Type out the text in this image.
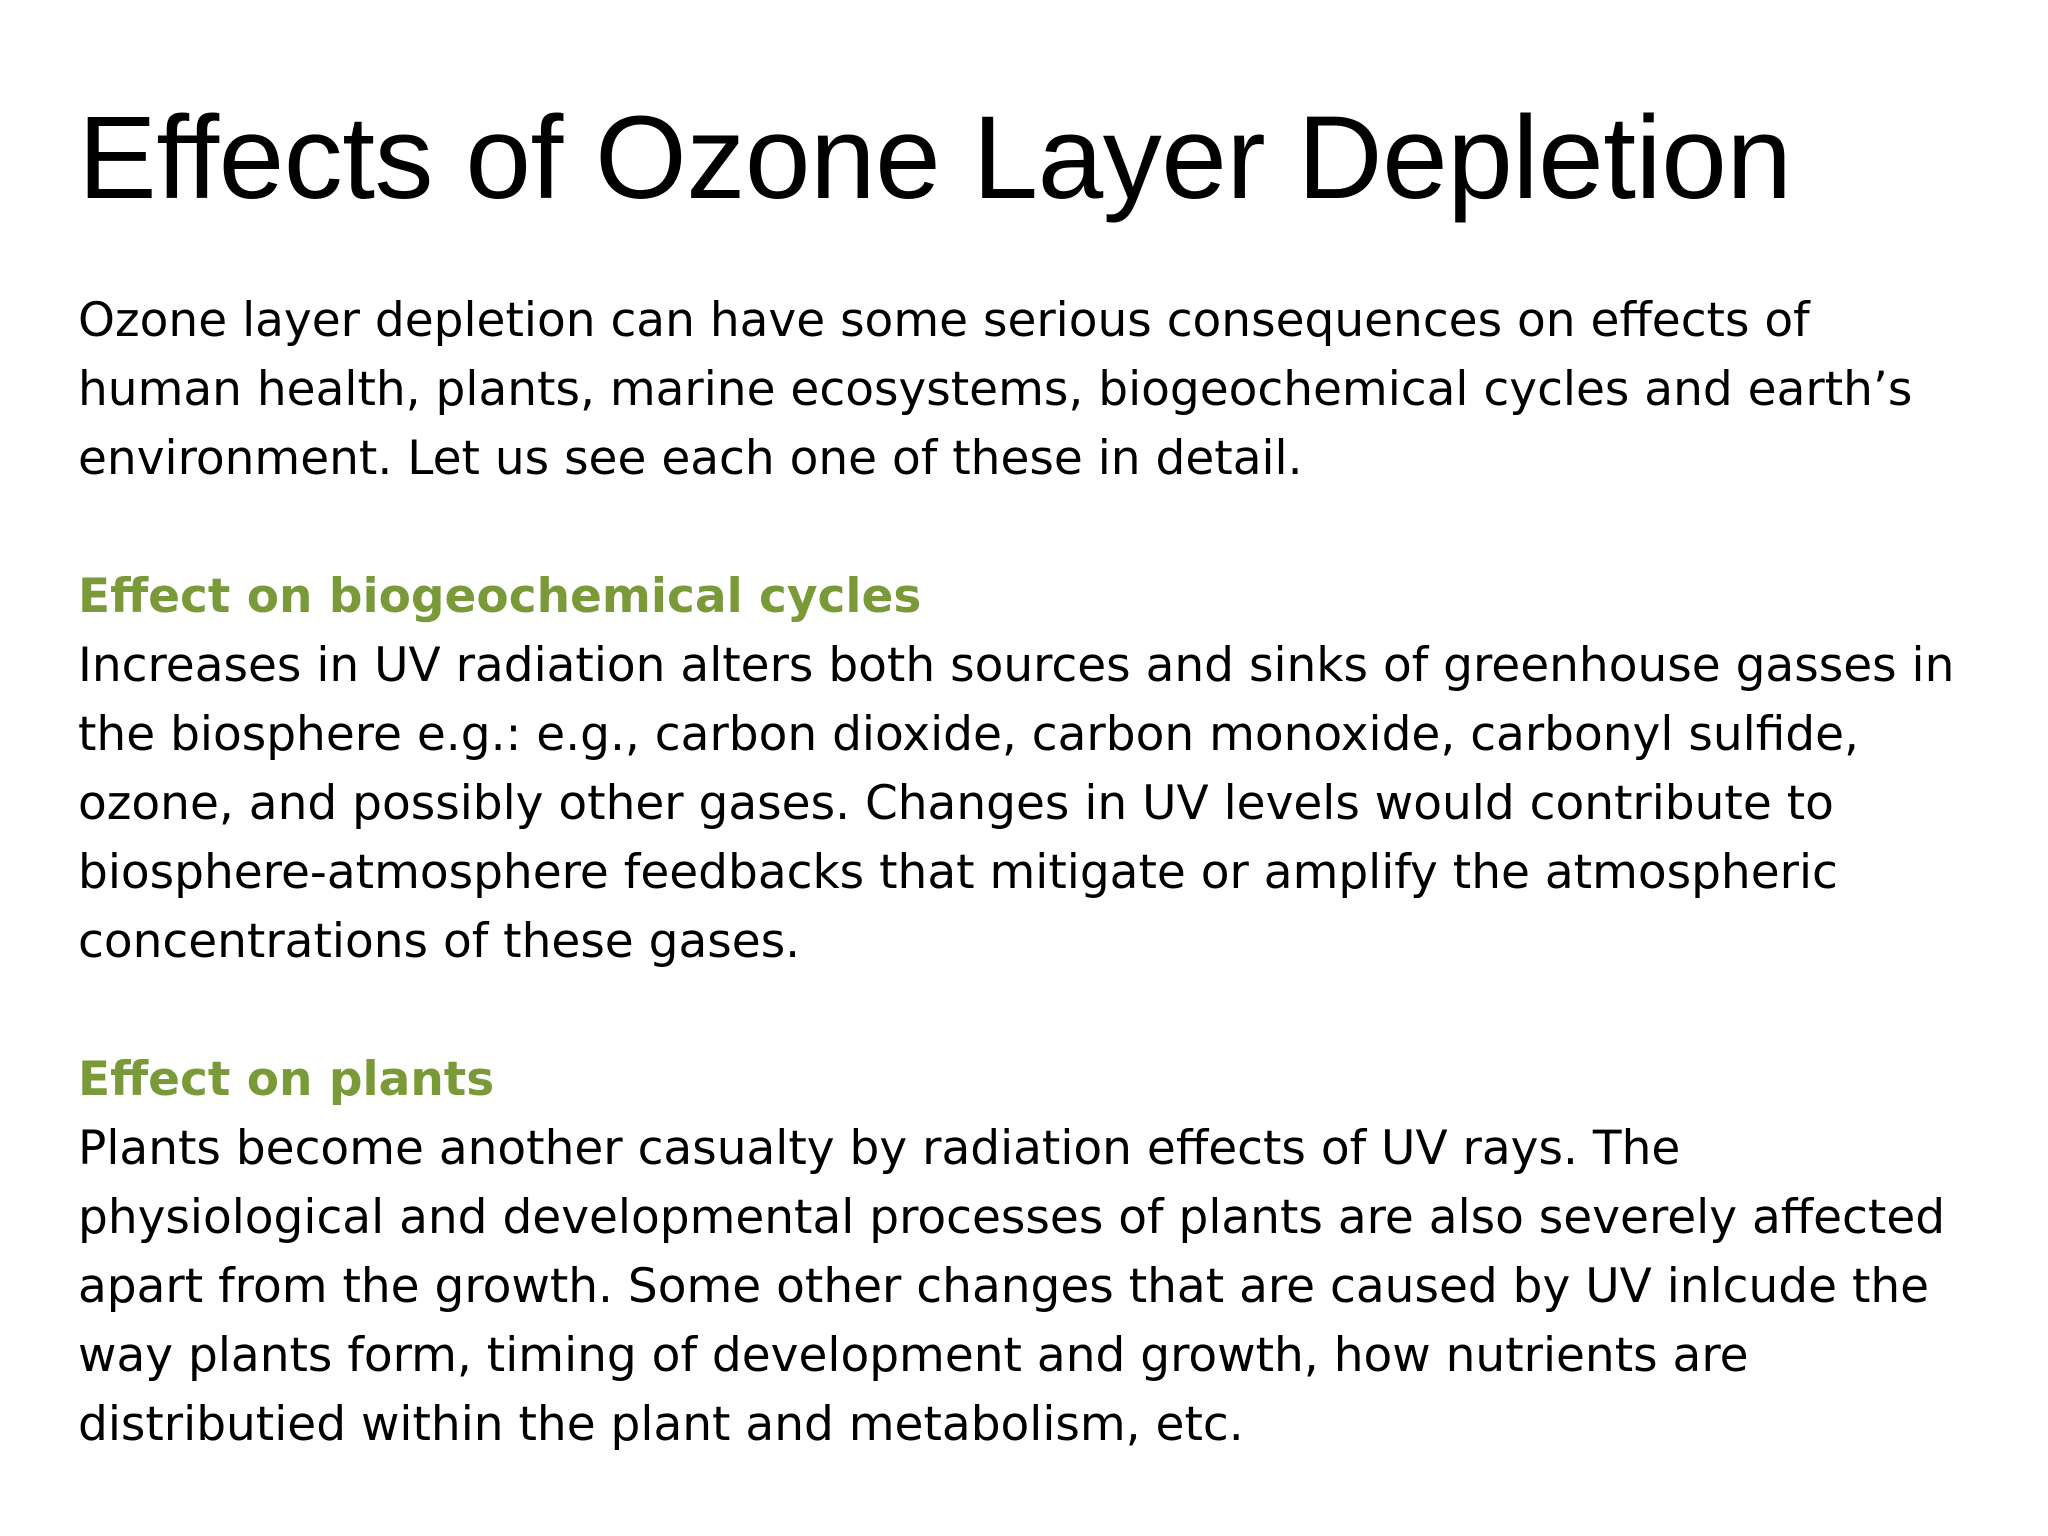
Effects of Ozone Layer Depletion

Ozone layer depletion can have some serious consequences on effects of
human health, plants, marine ecosystems, biogeochemical cycles and earth’s
environment. Let us see each one of these in detail.

Effect on biogeochemical cycles
Increases in UV radiation alters both sources and sinks of greenhouse gasses in
the biosphere e.g.: e.g., carbon dioxide, carbon monoxide, carbonyl sulfide,
ozone, and possibly other gases. Changes in UV levels would contribute to
biosphere-atmosphere feedbacks that mitigate or amplify the atmospheric
concentrations of these gases.
Effect on plants
Plants become another casualty by radiation effects of UV rays. The
physiological and developmental processes of plants are also severely affected
apart from the growth. Some other changes that are caused by UV inlcude the
way plants form, timing of development and growth, how nutrients are
distributied within the plant and metabolism, etc.
